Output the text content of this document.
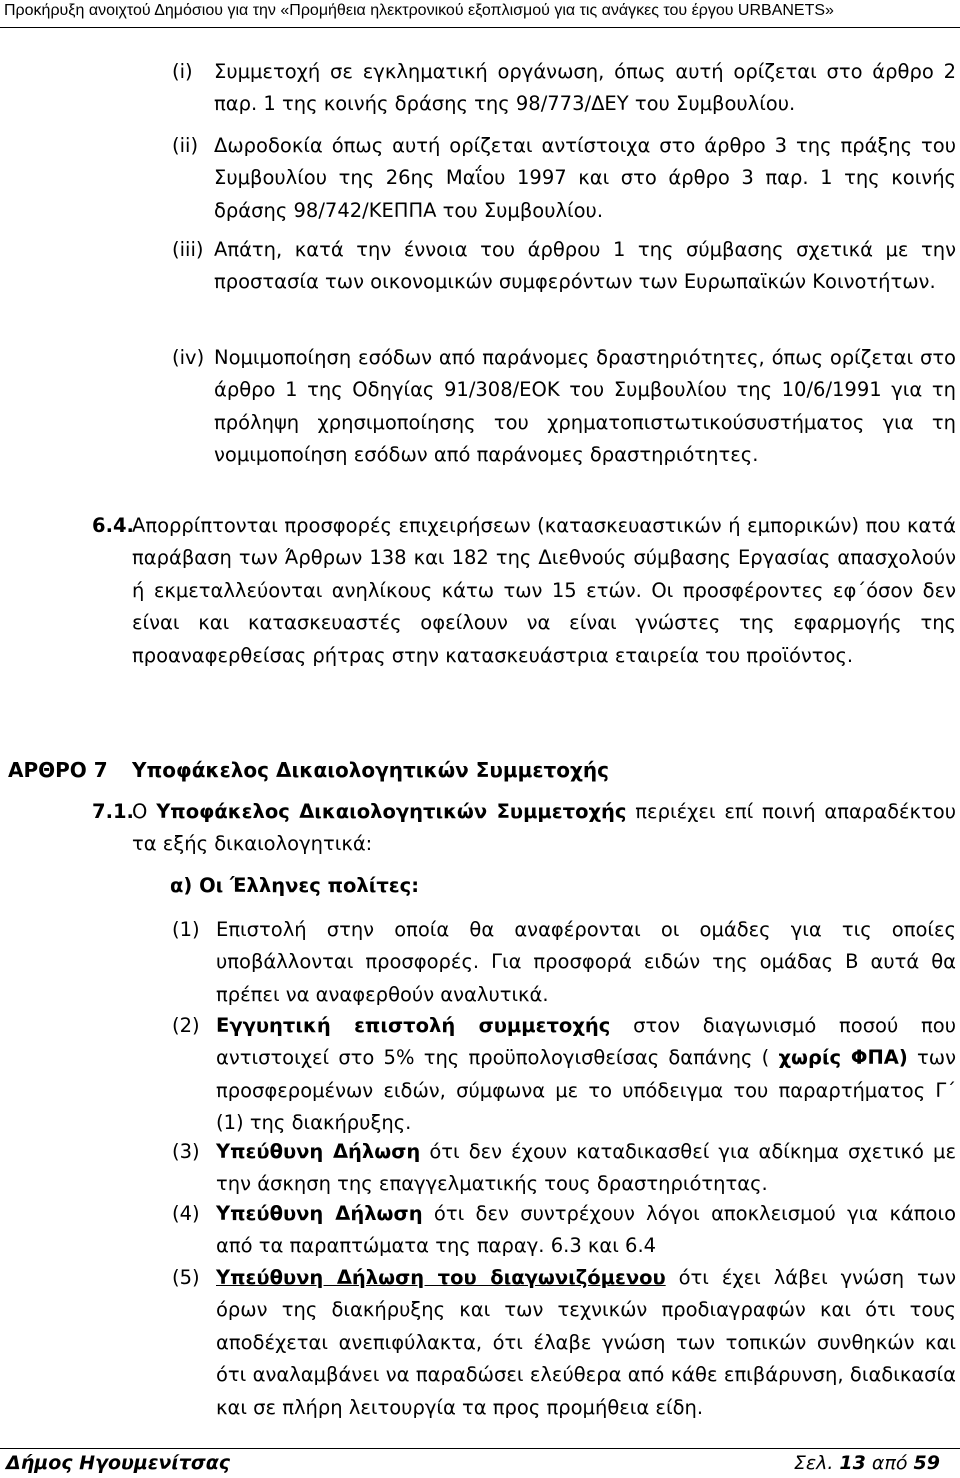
Προκήρυξη ανοιχτού Δημόσιου για την «Προμήθεια ηλεκτρονικού εξοπλισμού για τις ανάγκες του έργου URBANETS»
(i) Συμμετοχή σε εγκληματική οργάνωση, όπως αυτή ορίζεται στο άρθρο 2 παρ. 1 της κοινής δράσης της 98/773/ΔΕΥ του Συμβουλίου.
(ii) Δωροδοκία όπως αυτή ορίζεται αντίστοιχα στο άρθρο 3 της πράξης του Συμβουλίου της 26ης Μαΐου 1997 και στο άρθρο 3 παρ. 1 της κοινής δράσης 98/742/ΚΕΠΠΑ του Συμβουλίου.
(iii) Απάτη, κατά την έννοια του άρθρου 1 της σύμβασης σχετικά με την προστασία των οικονομικών συμφερόντων των Ευρωπαϊκών Κοινοτήτων.
(iv) Νομιμοποίηση εσόδων από παράνομες δραστηριότητες, όπως ορίζεται στο άρθρο 1 της Οδηγίας 91/308/ΕΟΚ του Συμβουλίου της 10/6/1991 για τη πρόληψη χρησιμοποίησης του χρηματοπιστωτικούσυστήματος για τη νομιμοποίηση εσόδων από παράνομες δραστηριότητες.
6.4.
Απορρίπτονται προσφορές επιχειρήσεων (κατασκευαστικών ή εμπορικών) που κατά παράβαση των Άρθρων 138 και 182 της Διεθνούς σύμβασης Εργασίας απασχολούν ή εκμεταλλεύονται ανηλίκους κάτω των 15 ετών. Οι προσφέροντες εφ΄όσον δεν είναι και κατασκευαστές οφείλουν να είναι γνώστες της εφαρμογής της προαναφερθείσας ρήτρας στην κατασκευάστρια εταιρεία του προϊόντος.
ΑΡΘΡΟ 7 Υποφάκελος Δικαιολογητικών Συμμετοχής
7.1.
Ο Υποφάκελος Δικαιολογητικών Συμμετοχής περιέχει επί ποινή απαραδέκτου τα εξής δικαιολογητικά:
α) Οι Έλληνες πολίτες:
(1) Επιστολή στην οποία θα αναφέρονται οι ομάδες για τις οποίες υποβάλλονται προσφορές. Για προσφορά ειδών της ομάδας Β αυτά θα πρέπει να αναφερθούν αναλυτικά.
(2) Εγγυητική επιστολή συμμετοχής στον διαγωνισμό ποσού που αντιστοιχεί στο 5% της προϋπολογισθείσας δαπάνης ( χωρίς ΦΠΑ) των προσφερομένων ειδών, σύμφωνα με το υπόδειγμα του παραρτήματος Γ΄ (1) της διακήρυξης.
(3) Υπεύθυνη Δήλωση ότι δεν έχουν καταδικασθεί για αδίκημα σχετικό με την άσκηση της επαγγελματικής τους δραστηριότητας.
(4) Υπεύθυνη Δήλωση ότι δεν συντρέχουν λόγοι αποκλεισμού για κάποιο από τα παραπτώματα της παραγ. 6.3 και 6.4
(5) Υπεύθυνη Δήλωση του διαγωνιζόμενου ότι έχει λάβει γνώση των όρων της διακήρυξης και των τεχνικών προδιαγραφών και ότι τους αποδέχεται ανεπιφύλακτα, ότι έλαβε γνώση των τοπικών συνθηκών και ότι αναλαμβάνει να παραδώσει ελεύθερα από κάθε επιβάρυνση, διαδικασία και σε πλήρη λειτουργία τα προς προμήθεια είδη.
Δήμος Ηγουμενίτσας	Σελ. 13 από 59
